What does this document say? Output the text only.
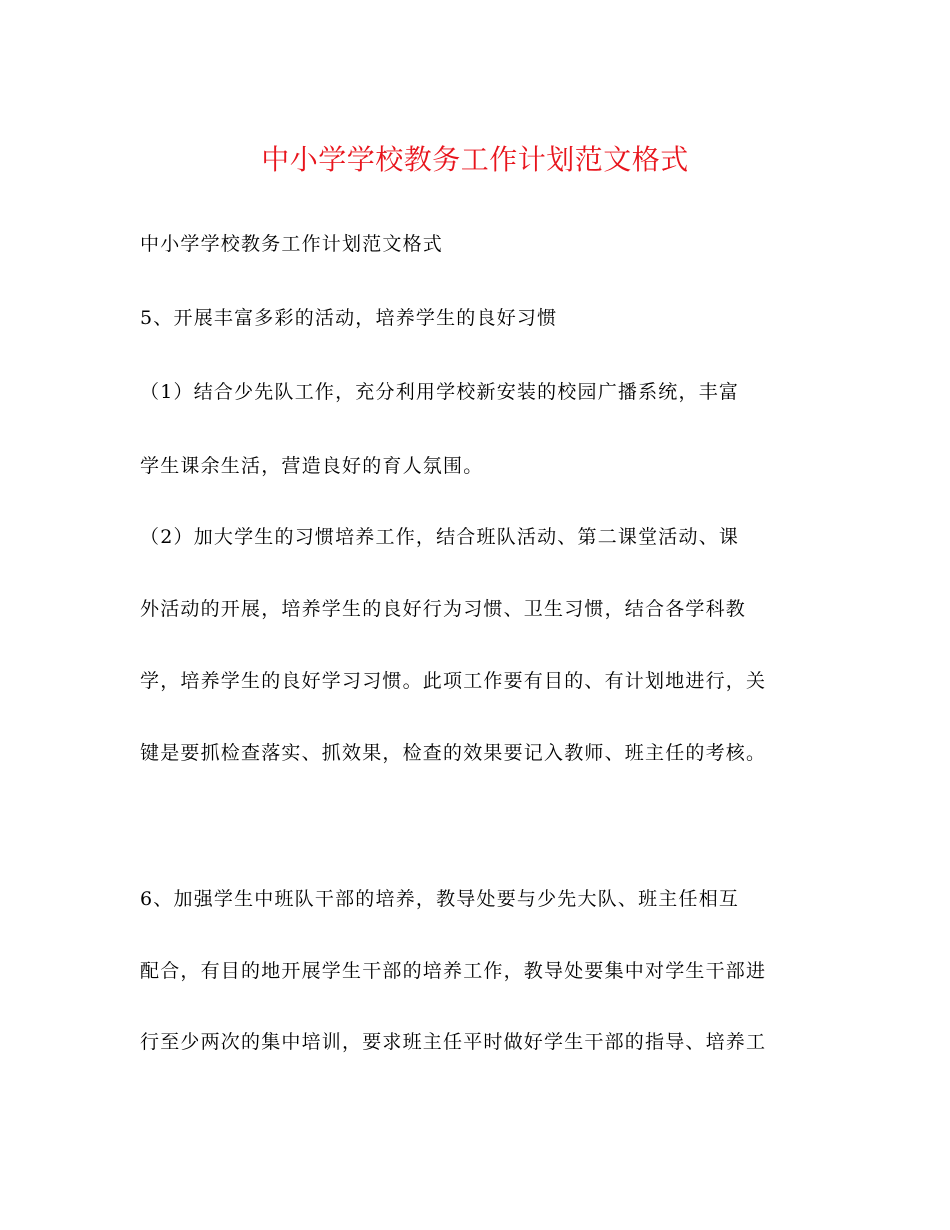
中小学学校教务工作计划范文格式
中小学学校教务工作计划范文格式
5、开展丰富多彩的活动，培养学生的良好习惯
（1）结合少先队工作，充分利用学校新安装的校园广播系统，丰富
学生课余生活，营造良好的育人氛围。
（2）加大学生的习惯培养工作，结合班队活动、第二课堂活动、课
外活动的开展，培养学生的良好行为习惯、卫生习惯，结合各学科教
学，培养学生的良好学习习惯。此项工作要有目的、有计划地进行，关
键是要抓检查落实、抓效果，检查的效果要记入教师、班主任的考核。
6、加强学生中班队干部的培养，教导处要与少先大队、班主任相互
配合，有目的地开展学生干部的培养工作，教导处要集中对学生干部进
行至少两次的集中培训，要求班主任平时做好学生干部的指导、培养工
